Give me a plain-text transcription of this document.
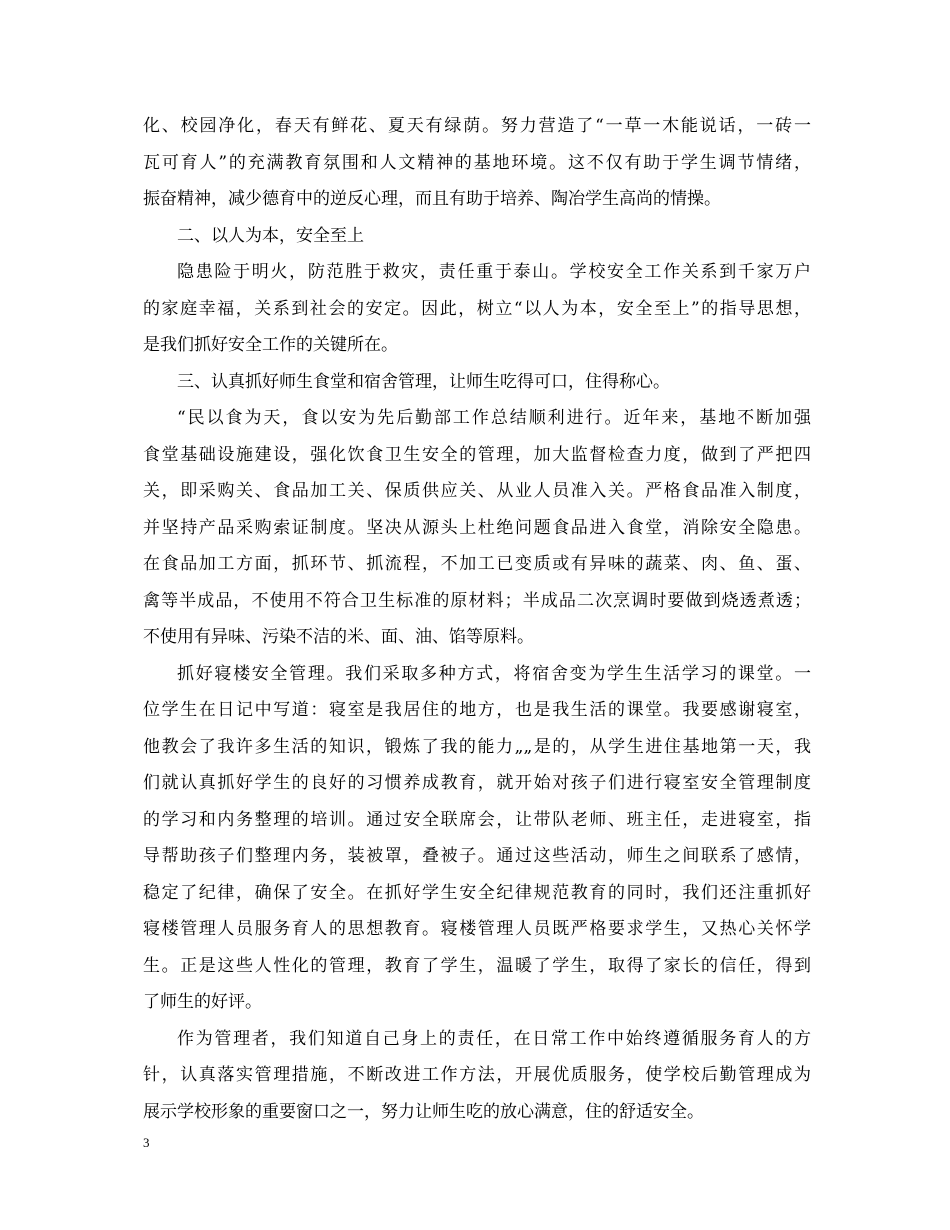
化、校园净化，春天有鲜花、夏天有绿荫。努力营造了“一草一木能说话，一砖一
瓦可育人”的充满教育氛围和人文精神的基地环境。这不仅有助于学生调节情绪，
振奋精神，减少德育中的逆反心理，而且有助于培养、陶冶学生高尚的情操。
二、以人为本，安全至上
隐患险于明火，防范胜于救灾，责任重于泰山。学校安全工作关系到千家万户
的家庭幸福，关系到社会的安定。因此，树立“以人为本，安全至上”的指导思想，
是我们抓好安全工作的关键所在。
三、认真抓好师生食堂和宿舍管理，让师生吃得可口，住得称心。
“民以食为天，食以安为先后勤部工作总结顺利进行。近年来，基地不断加强
食堂基础设施建设，强化饮食卫生安全的管理，加大监督检查力度，做到了严把四
关，即采购关、食品加工关、保质供应关、从业人员准入关。严格食品准入制度，
并坚持产品采购索证制度。坚决从源头上杜绝问题食品进入食堂，消除安全隐患。
在食品加工方面，抓环节、抓流程，不加工已变质或有异味的蔬菜、肉、鱼、蛋、
禽等半成品，不使用不符合卫生标准的原材料；半成品二次烹调时要做到烧透煮透；
不使用有异味、污染不洁的米、面、油、馅等原料。
抓好寝楼安全管理。我们采取多种方式，将宿舍变为学生生活学习的课堂。一
位学生在日记中写道：寝室是我居住的地方，也是我生活的课堂。我要感谢寝室，
他教会了我许多生活的知识，锻炼了我的能力„„是的，从学生进住基地第一天，我
们就认真抓好学生的良好的习惯养成教育，就开始对孩子们进行寝室安全管理制度
的学习和内务整理的培训。通过安全联席会，让带队老师、班主任，走进寝室，指
导帮助孩子们整理内务，装被罩，叠被子。通过这些活动，师生之间联系了感情，
稳定了纪律，确保了安全。在抓好学生安全纪律规范教育的同时，我们还注重抓好
寝楼管理人员服务育人的思想教育。寝楼管理人员既严格要求学生，又热心关怀学
生。正是这些人性化的管理，教育了学生，温暖了学生，取得了家长的信任，得到
了师生的好评。
作为管理者，我们知道自己身上的责任，在日常工作中始终遵循服务育人的方
针，认真落实管理措施，不断改进工作方法，开展优质服务，使学校后勤管理成为
展示学校形象的重要窗口之一，努力让师生吃的放心满意，住的舒适安全。
3
